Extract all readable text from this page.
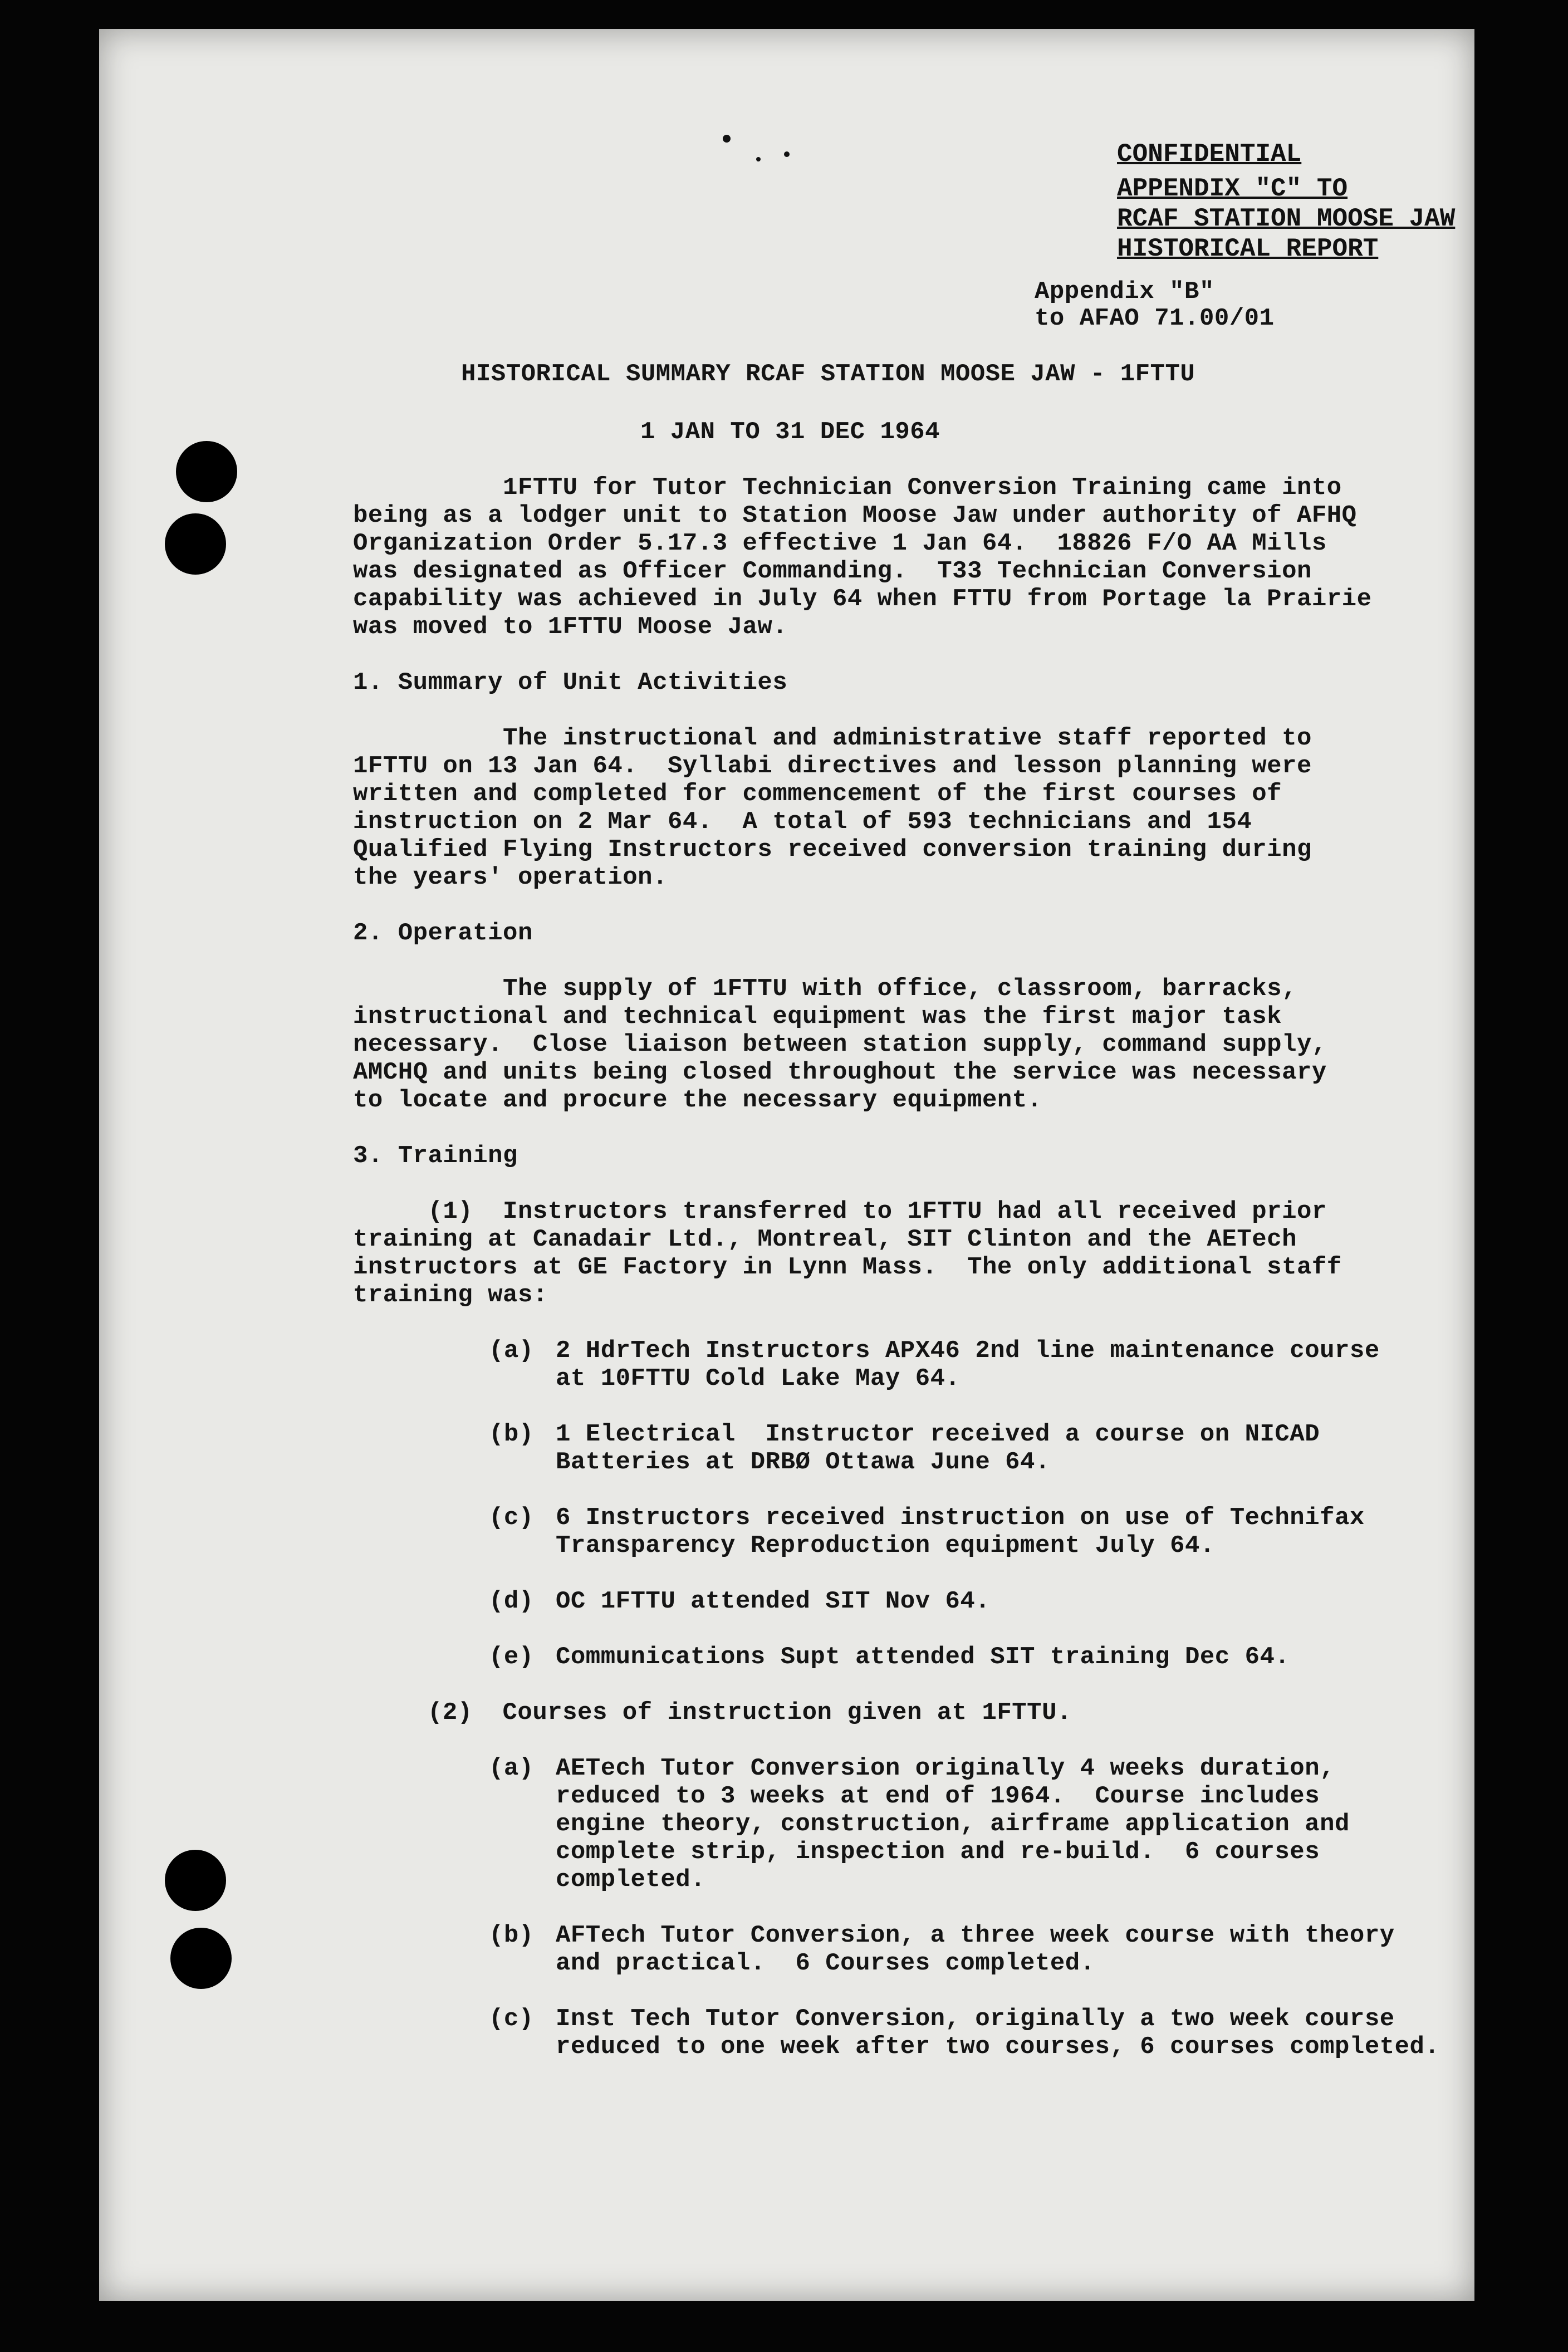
CONFIDENTIAL
APPENDIX "C" TO
RCAF STATION MOOSE JAW
HISTORICAL REPORT
Appendix "B"
to AFAO 71.00/01
HISTORICAL SUMMARY RCAF STATION MOOSE JAW - 1FTTU
1 JAN TO 31 DEC 1964
1FTTU for Tutor Technician Conversion Training came into
being as a lodger unit to Station Moose Jaw under authority of AFHQ
Organization Order 5.17.3 effective 1 Jan 64.  18826 F/O AA Mills
was designated as Officer Commanding.  T33 Technician Conversion
capability was achieved in July 64 when FTTU from Portage la Prairie
was moved to 1FTTU Moose Jaw.
1. Summary of Unit Activities
The instructional and administrative staff reported to
1FTTU on 13 Jan 64.  Syllabi directives and lesson planning were
written and completed for commencement of the first courses of
instruction on 2 Mar 64.  A total of 593 technicians and 154
Qualified Flying Instructors received conversion training during
the years' operation.
2. Operation
The supply of 1FTTU with office, classroom, barracks,
instructional and technical equipment was the first major task
necessary.  Close liaison between station supply, command supply,
AMCHQ and units being closed throughout the service was necessary
to locate and procure the necessary equipment.
3. Training
(1)  Instructors transferred to 1FTTU had all received prior
training at Canadair Ltd., Montreal, SIT Clinton and the AETech
instructors at GE Factory in Lynn Mass.  The only additional staff
training was:
(a) 2 HdrTech Instructors APX46 2nd line maintenance course
at 10FTTU Cold Lake May 64.
(b) 1 Electrical  Instructor received a course on NICAD
Batteries at DRBØ Ottawa June 64.
(c) 6 Instructors received instruction on use of Technifax
Transparency Reproduction equipment July 64.
(d) OC 1FTTU attended SIT Nov 64.
(e) Communications Supt attended SIT training Dec 64.
(2)  Courses of instruction given at 1FTTU.
(a) AETech Tutor Conversion originally 4 weeks duration,
reduced to 3 weeks at end of 1964.  Course includes
engine theory, construction, airframe application and
complete strip, inspection and re-build.  6 courses
completed.
(b) AFTech Tutor Conversion, a three week course with theory
and practical.  6 Courses completed.
(c) Inst Tech Tutor Conversion, originally a two week course
reduced to one week after two courses, 6 courses completed.
